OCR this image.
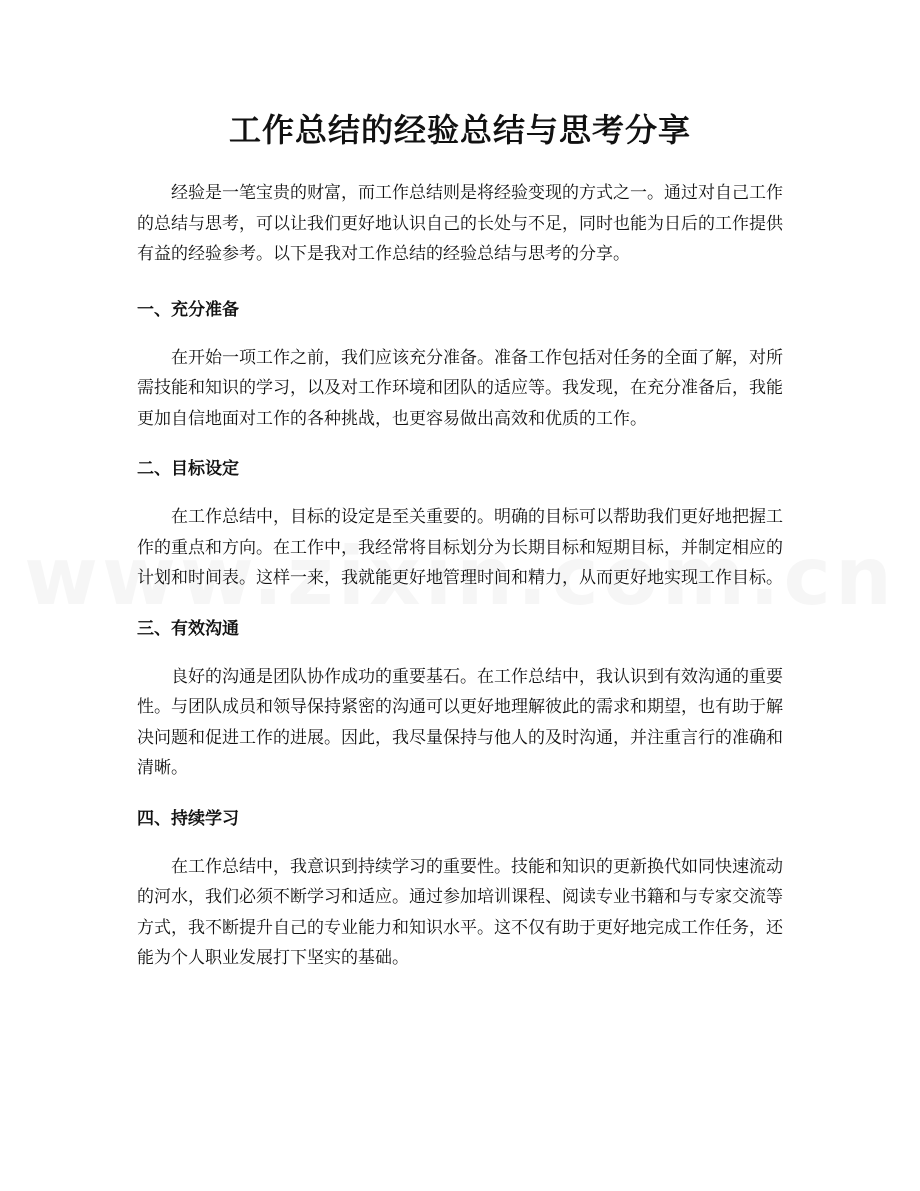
工作总结的经验总结与思考分享

经验是一笔宝贵的财富，而工作总结则是将经验变现的方式之一。通过对自己工作的总结与思考，可以让我们更好地认识自己的长处与不足，同时也能为日后的工作提供有益的经验参考。以下是我对工作总结的经验总结与思考的分享。

一、充分准备

在开始一项工作之前，我们应该充分准备。准备工作包括对任务的全面了解，对所需技能和知识的学习，以及对工作环境和团队的适应等。我发现，在充分准备后，我能更加自信地面对工作的各种挑战，也更容易做出高效和优质的工作。

二、目标设定

在工作总结中，目标的设定是至关重要的。明确的目标可以帮助我们更好地把握工作的重点和方向。在工作中，我经常将目标划分为长期目标和短期目标，并制定相应的计划和时间表。这样一来，我就能更好地管理时间和精力，从而更好地实现工作目标。

三、有效沟通

良好的沟通是团队协作成功的重要基石。在工作总结中，我认识到有效沟通的重要性。与团队成员和领导保持紧密的沟通可以更好地理解彼此的需求和期望，也有助于解决问题和促进工作的进展。因此，我尽量保持与他人的及时沟通，并注重言行的准确和清晰。

四、持续学习

在工作总结中，我意识到持续学习的重要性。技能和知识的更新换代如同快速流动的河水，我们必须不断学习和适应。通过参加培训课程、阅读专业书籍和与专家交流等方式，我不断提升自己的专业能力和知识水平。这不仅有助于更好地完成工作任务，还能为个人职业发展打下坚实的基础。
